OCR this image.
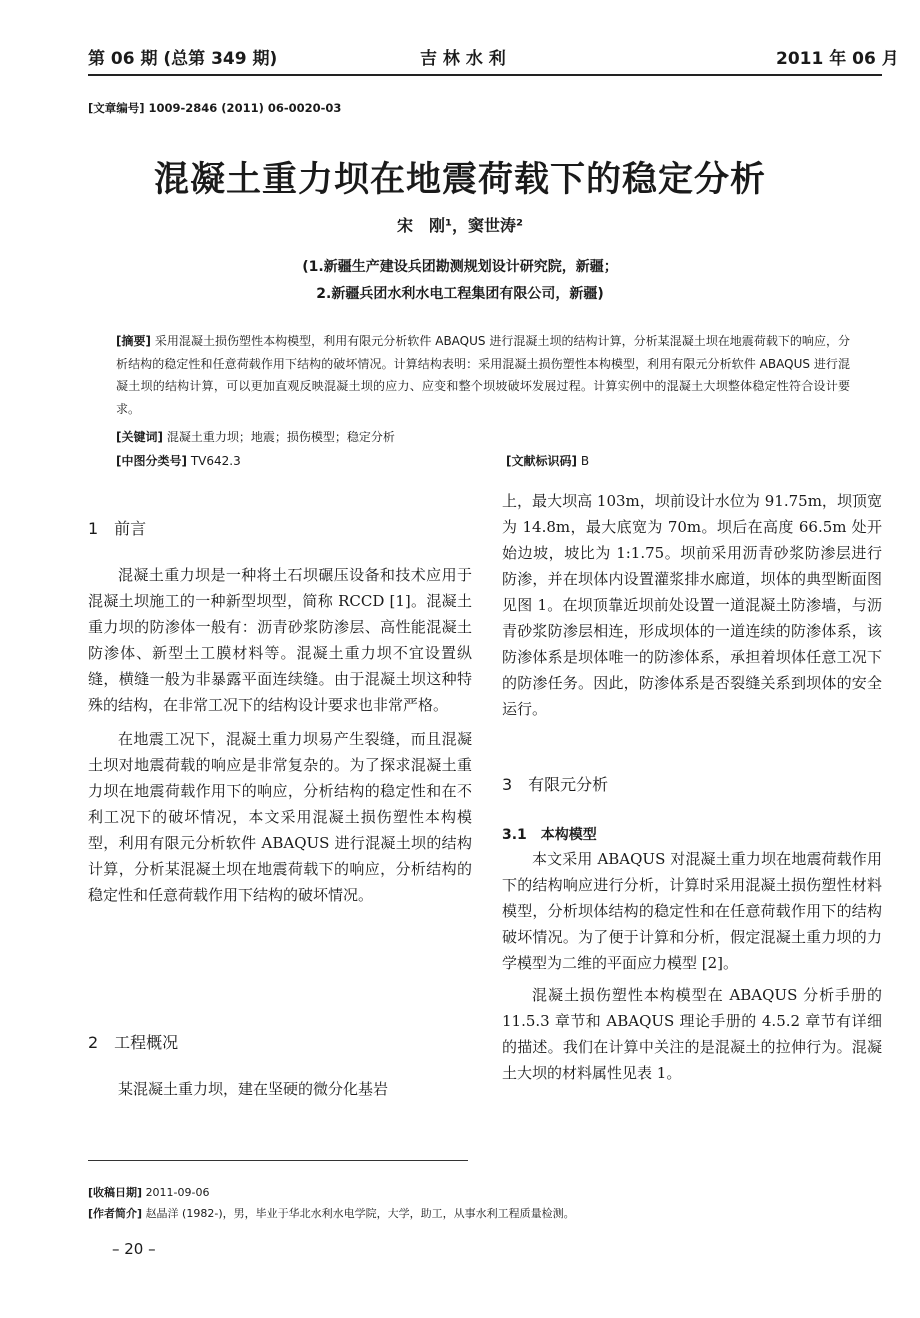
第 06 期 (总第 349 期)	吉 林 水 利	2011 年 06 月
[文章编号] 1009-2846 (2011) 06-0020-03
混凝土重力坝在地震荷载下的稳定分析
宋　刚¹，窦世涛²
(1.新疆生产建设兵团勘测规划设计研究院，新疆；
2.新疆兵团水利水电工程集团有限公司，新疆)
[摘要] 采用混凝土损伤塑性本构模型，利用有限元分析软件 ABAQUS 进行混凝土坝的结构计算，分析某混凝土坝在地震荷载下的响应，分析结构的稳定性和任意荷载作用下结构的破坏情况。计算结构表明：采用混凝土损伤塑性本构模型，利用有限元分析软件 ABAQUS 进行混凝土坝的结构计算，可以更加直观反映混凝土坝的应力、应变和整个坝坡破坏发展过程。计算实例中的混凝土大坝整体稳定性符合设计要求。
[关键词] 混凝土重力坝；地震；损伤模型；稳定分析
[中图分类号] TV642.3	[文献标识码] B
1　前言

混凝土重力坝是一种将土石坝碾压设备和技术应用于混凝土坝施工的一种新型坝型，简称 RCCD [1]。混凝土重力坝的防渗体一般有：沥青砂浆防渗层、高性能混凝土防渗体、新型土工膜材料等。混凝土重力坝不宜设置纵缝，横缝一般为非暴露平面连续缝。由于混凝土坝这种特殊的结构，在非常工况下的结构设计要求也非常严格。

在地震工况下，混凝土重力坝易产生裂缝，而且混凝土坝对地震荷载的响应是非常复杂的。为了探求混凝土重力坝在地震荷载作用下的响应，分析结构的稳定性和在不利工况下的破坏情况，本文采用混凝土损伤塑性本构模型，利用有限元分析软件 ABAQUS 进行混凝土坝的结构计算，分析某混凝土坝在地震荷载下的响应，分析结构的稳定性和任意荷载作用下结构的破坏情况。

2　工程概况

某混凝土重力坝，建在坚硬的微分化基岩

上，最大坝高 103m，坝前设计水位为 91.75m，坝顶宽为 14.8m，最大底宽为 70m。坝后在高度 66.5m 处开始边坡，坡比为 1:1.75。坝前采用沥青砂浆防渗层进行防渗，并在坝体内设置灌浆排水廊道，坝体的典型断面图见图 1。在坝顶靠近坝前处设置一道混凝土防渗墙，与沥青砂浆防渗层相连，形成坝体的一道连续的防渗体系，该防渗体系是坝体唯一的防渗体系，承担着坝体任意工况下的防渗任务。因此，防渗体系是否裂缝关系到坝体的安全运行。

3　有限元分析
3.1　本构模型

本文采用 ABAQUS 对混凝土重力坝在地震荷载作用下的结构响应进行分析，计算时采用混凝土损伤塑性材料模型，分析坝体结构的稳定性和在任意荷载作用下的结构破坏情况。为了便于计算和分析，假定混凝土重力坝的力学模型为二维的平面应力模型 [2]。

混凝土损伤塑性本构模型在 ABAQUS 分析手册的 11.5.3 章节和 ABAQUS 理论手册的 4.5.2 章节有详细的描述。我们在计算中关注的是混凝土的拉伸行为。混凝土大坝的材料属性见表 1。

[收稿日期] 2011-09-06
[作者简介] 赵晶洋 (1982-)，男，毕业于华北水利水电学院，大学，助工，从事水利工程质量检测。
– 20 –
